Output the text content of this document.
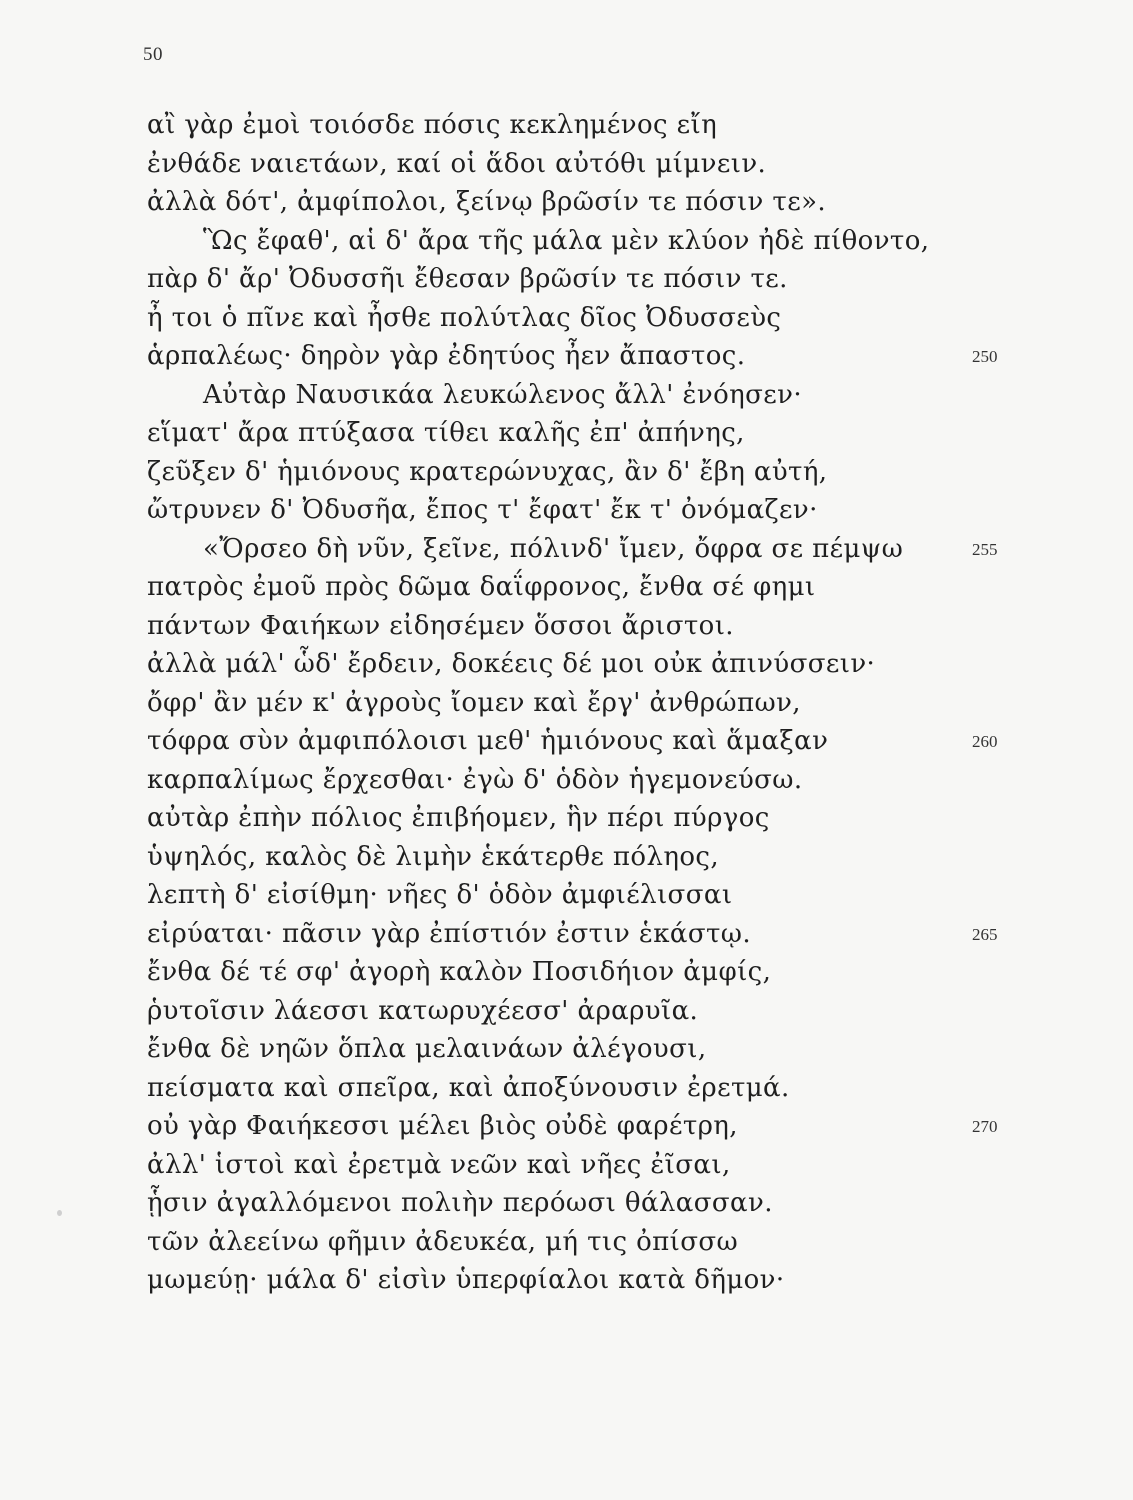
50
αἲ γὰρ ἐμοὶ τοιόσδε πόσις κεκλημένος εἴη
ἐνθάδε ναιετάων, καί οἱ ἅδοι αὐτόθι μίμνειν.
ἀλλὰ δότ', ἀμφίπολοι, ξείνῳ βρῶσίν τε πόσιν τε».
Ὣς ἔφαθ', αἱ δ' ἄρα τῆς μάλα μὲν κλύον ἠδὲ πίθοντο,
πὰρ δ' ἄρ' Ὀδυσσῆι ἔθεσαν βρῶσίν τε πόσιν τε.
ἦ τοι ὁ πῖνε καὶ ἦσθε πολύτλας δῖος Ὀδυσσεὺς
ἁρπαλέως· δηρὸν γὰρ ἐδητύος ἦεν ἄπαστος.	250
Αὐτὰρ Ναυσικάα λευκώλενος ἄλλ' ἐνόησεν·
εἵματ' ἄρα πτύξασα τίθει καλῆς ἐπ' ἀπήνης,
ζεῦξεν δ' ἡμιόνους κρατερώνυχας, ἂν δ' ἔβη αὐτή,
ὤτρυνεν δ' Ὀδυσῆα, ἔπος τ' ἔφατ' ἔκ τ' ὀνόμαζεν·
«Ὄρσεο δὴ νῦν, ξεῖνε, πόλινδ' ἴμεν, ὄφρα σε πέμψω	255
πατρὸς ἐμοῦ πρὸς δῶμα δαΐφρονος, ἔνθα σέ φημι
πάντων Φαιήκων εἰδησέμεν ὅσσοι ἄριστοι.
ἀλλὰ μάλ' ὧδ' ἔρδειν, δοκέεις δέ μοι οὐκ ἀπινύσσειν·
ὄφρ' ἂν μέν κ' ἀγροὺς ἴομεν καὶ ἔργ' ἀνθρώπων,
τόφρα σὺν ἀμφιπόλοισι μεθ' ἡμιόνους καὶ ἅμαξαν	260
καρπαλίμως ἔρχεσθαι· ἐγὼ δ' ὁδὸν ἡγεμονεύσω.
αὐτὰρ ἐπὴν πόλιος ἐπιβήομεν, ἣν πέρι πύργος
ὑψηλός, καλὸς δὲ λιμὴν ἑκάτερθε πόληος,
λεπτὴ δ' εἰσίθμη· νῆες δ' ὁδὸν ἀμφιέλισσαι
εἰρύαται· πᾶσιν γὰρ ἐπίστιόν ἐστιν ἑκάστῳ.	265
ἔνθα δέ τέ σφ' ἀγορὴ καλὸν Ποσιδήιον ἀμφίς,
ῥυτοῖσιν λάεσσι κατωρυχέεσσ' ἀραρυῖα.
ἔνθα δὲ νηῶν ὅπλα μελαινάων ἀλέγουσι,
πείσματα καὶ σπεῖρα, καὶ ἀποξύνουσιν ἐρετμά.
οὐ γὰρ Φαιήκεσσι μέλει βιὸς οὐδὲ φαρέτρη,	270
ἀλλ' ἱστοὶ καὶ ἐρετμὰ νεῶν καὶ νῆες ἐῖσαι,
ᾗσιν ἀγαλλόμενοι πολιὴν περόωσι θάλασσαν.
τῶν ἀλεείνω φῆμιν ἀδευκέα, μή τις ὀπίσσω
μωμεύῃ· μάλα δ' εἰσὶν ὑπερφίαλοι κατὰ δῆμον·
